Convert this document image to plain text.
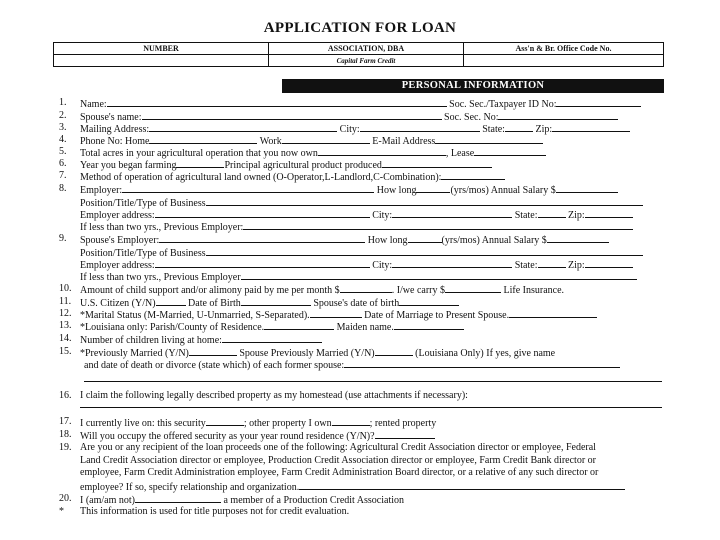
APPLICATION FOR LOAN
NUMBER	ASSOCIATION, DBA	Ass'n & Br. Office Code No.
	Capital Farm Credit	
PERSONAL INFORMATION
1. Name:	Soc. Sec./Taxpayer ID No:
2. Spouse's name:	Soc. Sec. No:
3. Mailing Address:	City:	State:	Zip:
4. Phone No: Home	Work	E-Mail Address
5. Total acres in your agricultural operation that you now own	, Lease
6. Year you began farming	Principal agricultural product produced
7. Method of operation of agricultural land owned (O-Operator,L-Landlord,C-Combination):
8. Employer:	How long	(yrs/mos) Annual Salary $
Position/Title/Type of Business
Employer address:	City:	State:	Zip:
If less than two yrs., Previous Employer:
9. Spouse's Employer:	How long	(yrs/mos) Annual Salary $
Position/Title/Type of Business
Employer address:	City:	State:	Zip:
If less than two yrs., Previous Employer
10. Amount of child support and/or alimony paid by me per month $	. I/we carry $	Life Insurance.
11. U.S. Citizen (Y/N)	Date of Birth	Spouse's date of birth
12. *Marital Status (M-Married, U-Unmarried, S-Separated).	Date of Marriage to Present Spouse.
13. *Louisiana only: Parish/County of Residence.	Maiden name.
14. Number of children living at home:
15. *Previously Married (Y/N)	Spouse Previously Married (Y/N)	(Louisiana Only) If yes, give name
and date of death or divorce (state which) of each former spouse:
16. I claim the following legally described property as my homestead (use attachments if necessary):
17. I currently live on: this security	; other property I own	; rented property
18. Will you occupy the offered security as your year round residence (Y/N)?
19. Are you or any recipient of the loan proceeds one of the following: Agricultural Credit Association director or employee, Federal
Land Credit Association director or employee, Production Credit Association director or employee, Farm Credit Bank director or
employee, Farm Credit Administration employee, Farm Credit Administration Board director, or a relative of any such director or
employee? If so, specify relationship and organization.
20. I (am/am not)	a member of a Production Credit Association
* This information is used for title purposes not for credit evaluation.
